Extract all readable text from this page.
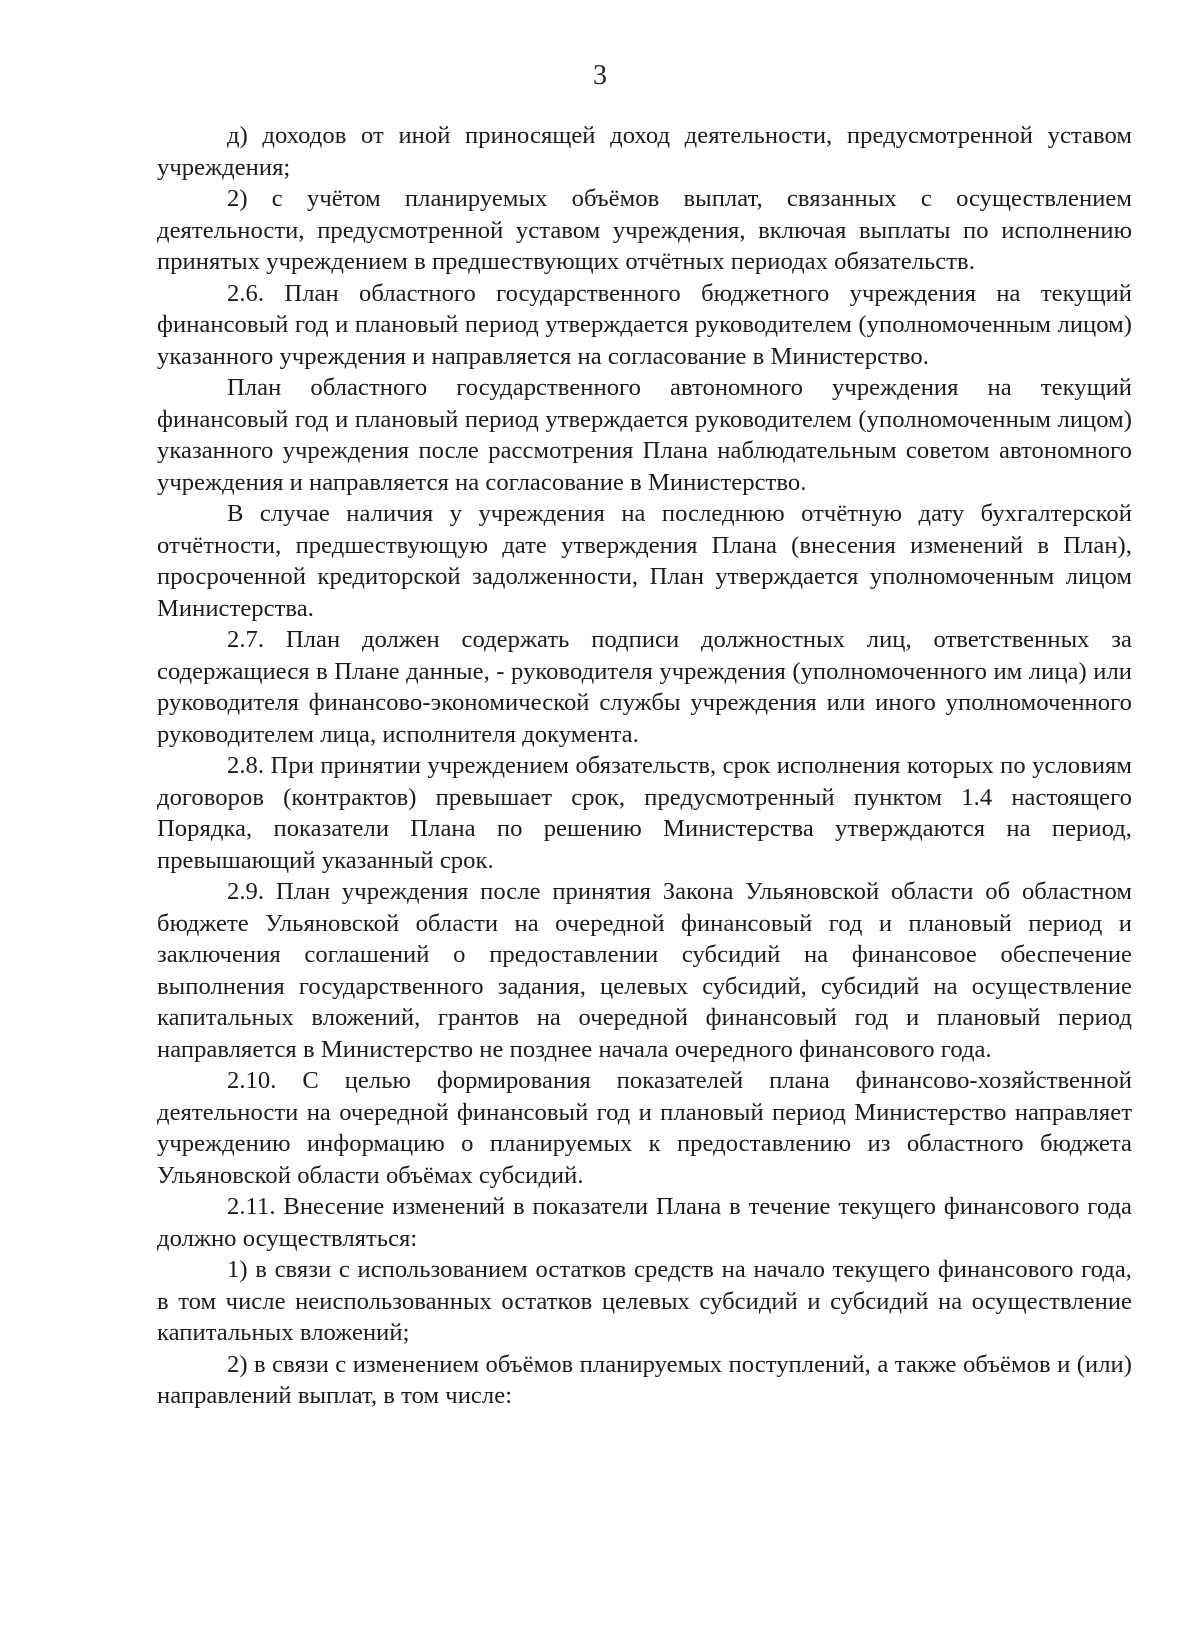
3

д) доходов от иной приносящей доход деятельности, предусмотренной уставом учреждения;

2) с учётом планируемых объёмов выплат, связанных с осуществлением деятельности, предусмотренной уставом учреждения, включая выплаты по исполнению принятых учреждением в предшествующих отчётных периодах обязательств.

2.6. План областного государственного бюджетного учреждения на текущий финансовый год и плановый период утверждается руководителем (уполномоченным лицом) указанного учреждения и направляется на согласование в Министерство.

План областного государственного автономного учреждения на текущий финансовый год и плановый период утверждается руководителем (уполномоченным лицом) указанного учреждения после рассмотрения Плана наблюдательным советом автономного учреждения и направляется на согласование в Министерство.

В случае наличия у учреждения на последнюю отчётную дату бухгалтерской отчётности, предшествующую дате утверждения Плана (внесения изменений в План), просроченной кредиторской задолженности, План утверждается уполномоченным лицом Министерства.

2.7. План должен содержать подписи должностных лиц, ответственных за содержащиеся в Плане данные, - руководителя учреждения (уполномоченного им лица) или руководителя финансово-экономической службы учреждения или иного уполномоченного руководителем лица, исполнителя документа.

2.8. При принятии учреждением обязательств, срок исполнения которых по условиям договоров (контрактов) превышает срок, предусмотренный пунктом 1.4 настоящего Порядка, показатели Плана по решению Министерства утверждаются на период, превышающий указанный срок.

2.9. План учреждения после принятия Закона Ульяновской области об областном бюджете Ульяновской области на очередной финансовый год и плановый период и заключения соглашений о предоставлении субсидий на финансовое обеспечение выполнения государственного задания, целевых субсидий, субсидий на осуществление капитальных вложений, грантов на очередной финансовый год и плановый период направляется в Министерство не позднее начала очередного финансового года.

2.10. С целью формирования показателей плана финансово-хозяйственной деятельности на очередной финансовый год и плановый период Министерство направляет учреждению информацию о планируемых к предоставлению из областного бюджета Ульяновской области объёмах субсидий.

2.11. Внесение изменений в показатели Плана в течение текущего финансового года должно осуществляться:

1) в связи с использованием остатков средств на начало текущего финансового года, в том числе неиспользованных остатков целевых субсидий и субсидий на осуществление капитальных вложений;

2) в связи с изменением объёмов планируемых поступлений, а также объёмов и (или) направлений выплат, в том числе:
